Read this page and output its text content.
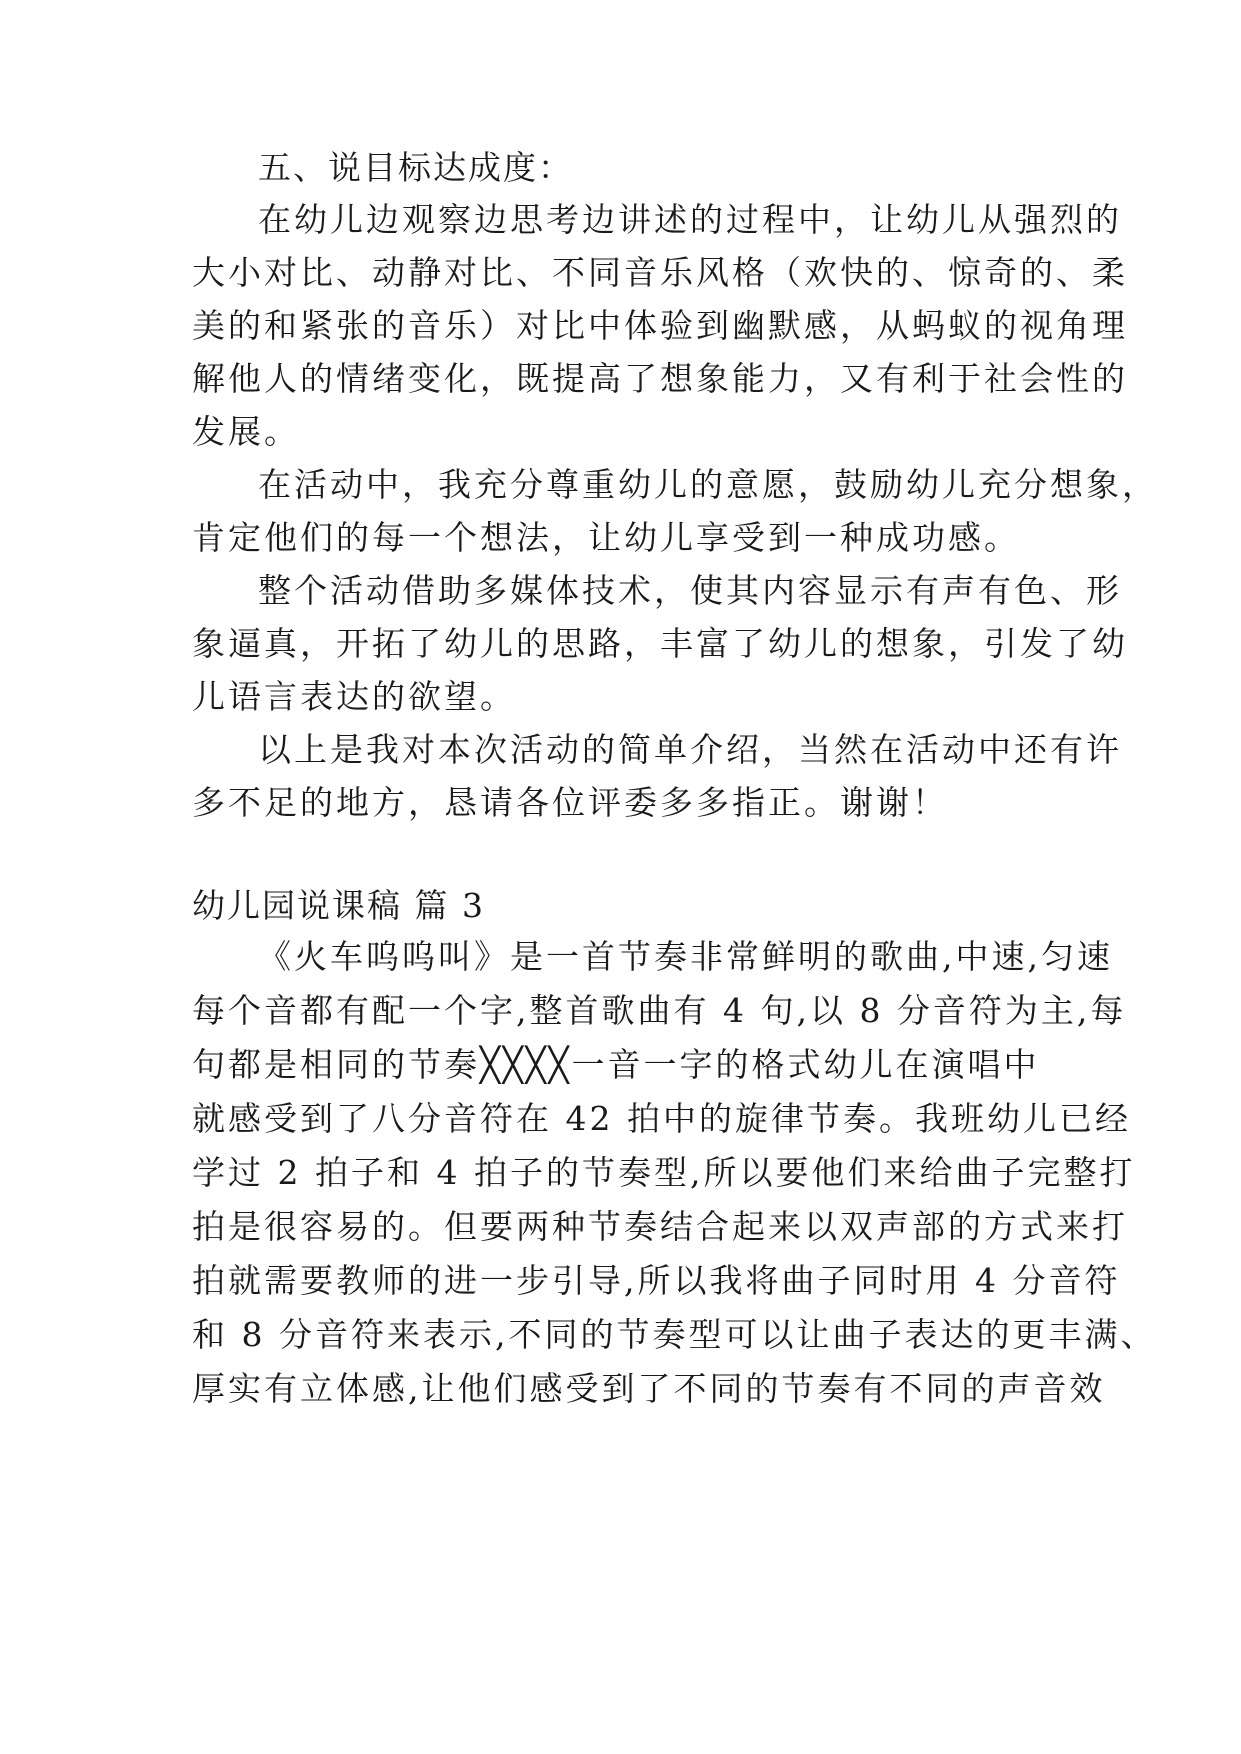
五、说目标达成度：
在幼儿边观察边思考边讲述的过程中，让幼儿从强烈的
大小对比、动静对比、不同音乐风格（欢快的、惊奇的、柔
美的和紧张的音乐）对比中体验到幽默感，从蚂蚁的视角理
解他人的情绪变化，既提高了想象能力，又有利于社会性的
发展。
在活动中，我充分尊重幼儿的意愿，鼓励幼儿充分想象，
肯定他们的每一个想法，让幼儿享受到一种成功感。
整个活动借助多媒体技术，使其内容显示有声有色、形
象逼真，开拓了幼儿的思路，丰富了幼儿的想象，引发了幼
儿语言表达的欲望。
以上是我对本次活动的简单介绍，当然在活动中还有许
多不足的地方，恳请各位评委多多指正。谢谢！
幼儿园说课稿 篇 3
《火车呜呜叫》是一首节奏非常鲜明的歌曲,中速,匀速
每个音都有配一个字,整首歌曲有 4 句,以 8 分音符为主,每
句都是相同的节奏╳╳╳╳一音一字的格式幼儿在演唱中
就感受到了八分音符在 42 拍中的旋律节奏。我班幼儿已经
学过 2 拍子和 4 拍子的节奏型,所以要他们来给曲子完整打
拍是很容易的。但要两种节奏结合起来以双声部的方式来打
拍就需要教师的进一步引导,所以我将曲子同时用 4 分音符
和 8 分音符来表示,不同的节奏型可以让曲子表达的更丰满、
厚实有立体感,让他们感受到了不同的节奏有不同的声音效
